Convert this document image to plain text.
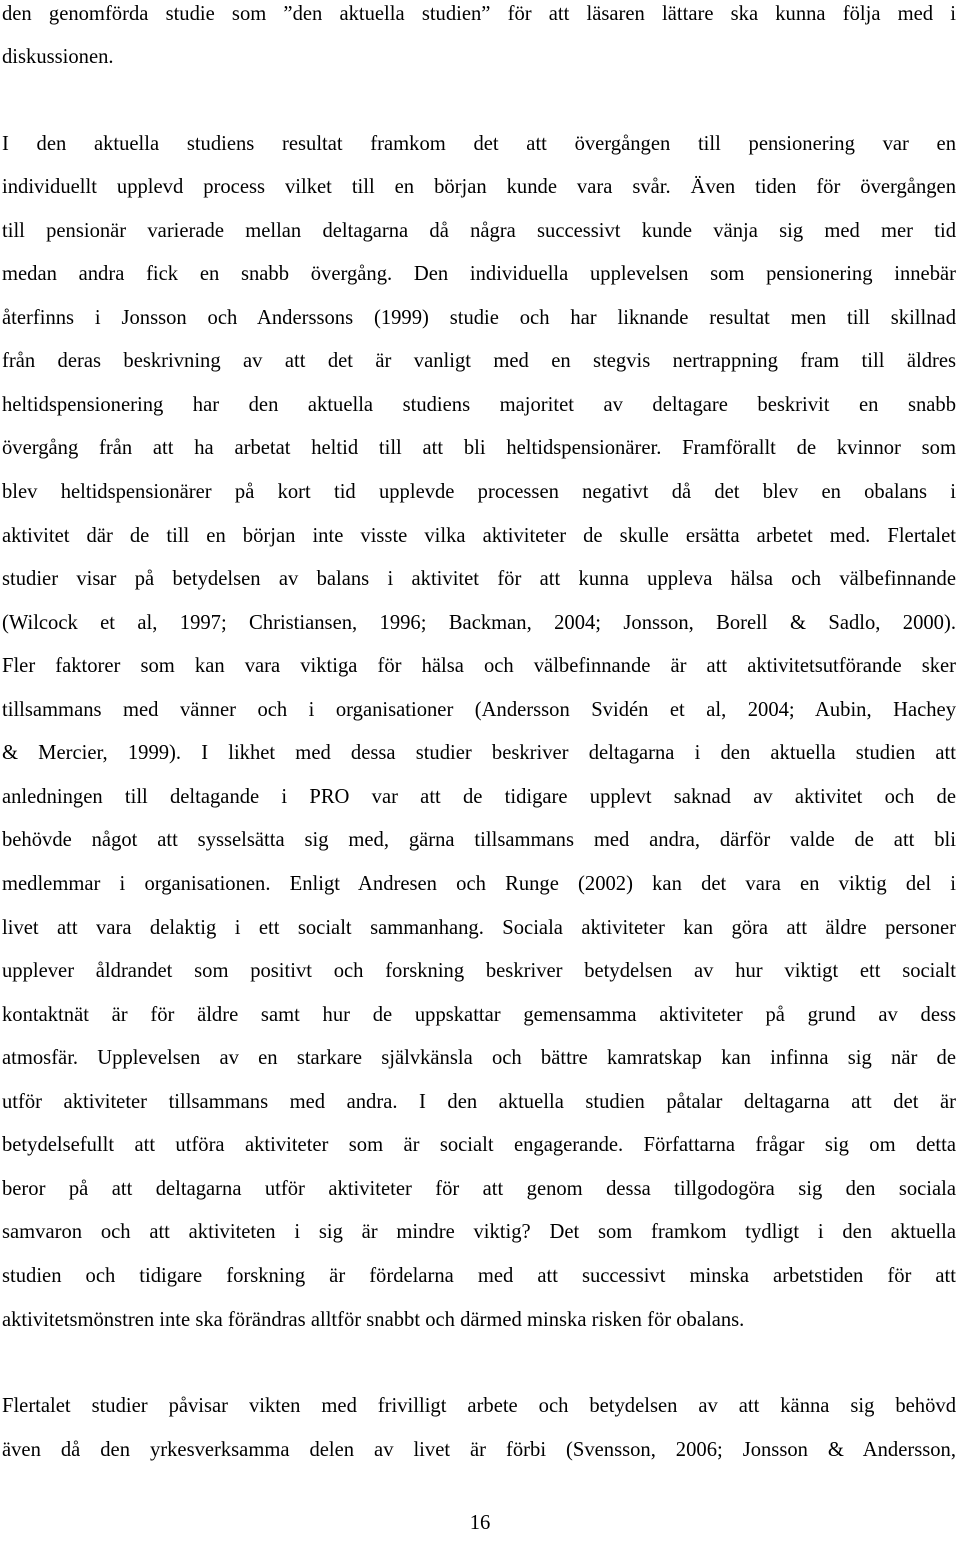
den genomförda studie som ”den aktuella studien” för att läsaren lättare ska kunna följa med i
diskussionen.
I den aktuella studiens resultat framkom det att övergången till pensionering var en
individuellt upplevd process vilket till en början kunde vara svår. Även tiden för övergången
till pensionär varierade mellan deltagarna då några successivt kunde vänja sig med mer tid
medan andra fick en snabb övergång. Den individuella upplevelsen som pensionering innebär
återfinns i Jonsson och Anderssons (1999) studie och har liknande resultat men till skillnad
från deras beskrivning av att det är vanligt med en stegvis nertrappning fram till äldres
heltidspensionering har den aktuella studiens majoritet av deltagare beskrivit en snabb
övergång från att ha arbetat heltid till att bli heltidspensionärer. Framförallt de kvinnor som
blev heltidspensionärer på kort tid upplevde processen negativt då det blev en obalans i
aktivitet där de till en början inte visste vilka aktiviteter de skulle ersätta arbetet med. Flertalet
studier visar på betydelsen av balans i aktivitet för att kunna uppleva hälsa och välbefinnande
(Wilcock et al, 1997; Christiansen, 1996; Backman, 2004; Jonsson, Borell & Sadlo, 2000).
Fler faktorer som kan vara viktiga för hälsa och välbefinnande är att aktivitetsutförande sker
tillsammans med vänner och i organisationer (Andersson Svidén et al, 2004; Aubin, Hachey
& Mercier, 1999). I likhet med dessa studier beskriver deltagarna i den aktuella studien att
anledningen till deltagande i PRO var att de tidigare upplevt saknad av aktivitet och de
behövde något att sysselsätta sig med, gärna tillsammans med andra, därför valde de att bli
medlemmar i organisationen. Enligt Andresen och Runge (2002) kan det vara en viktig del i
livet att vara delaktig i ett socialt sammanhang. Sociala aktiviteter kan göra att äldre personer
upplever åldrandet som positivt och forskning beskriver betydelsen av hur viktigt ett socialt
kontaktnät är för äldre samt hur de uppskattar gemensamma aktiviteter på grund av dess
atmosfär. Upplevelsen av en starkare självkänsla och bättre kamratskap kan infinna sig när de
utför aktiviteter tillsammans med andra. I den aktuella studien påtalar deltagarna att det är
betydelsefullt att utföra aktiviteter som är socialt engagerande. Författarna frågar sig om detta
beror på att deltagarna utför aktiviteter för att genom dessa tillgodogöra sig den sociala
samvaron och att aktiviteten i sig är mindre viktig? Det som framkom tydligt i den aktuella
studien och tidigare forskning är fördelarna med att successivt minska arbetstiden för att
aktivitetsmönstren inte ska förändras alltför snabbt och därmed minska risken för obalans.
Flertalet studier påvisar vikten med frivilligt arbete och betydelsen av att känna sig behövd
även då den yrkesverksamma delen av livet är förbi (Svensson, 2006; Jonsson & Andersson,
16
